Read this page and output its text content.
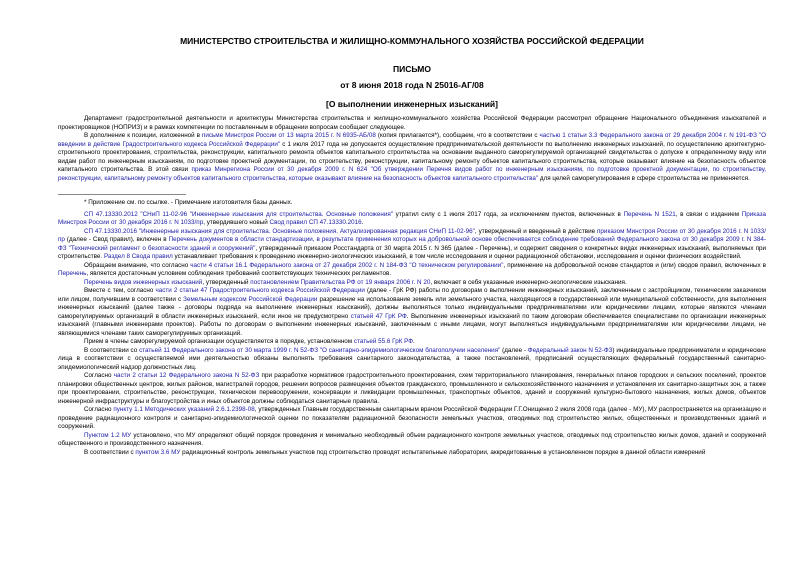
МИНИСТЕРСТВО СТРОИТЕЛЬСТВА И ЖИЛИЩНО-КОММУНАЛЬНОГО ХОЗЯЙСТВА РОССИЙСКОЙ ФЕДЕРАЦИИ
ПИСЬМО
от 8 июня 2018 года N 25016-АГ/08
[О выполнении инженерных изысканий]

Департамент градостроительной деятельности и архитектуры Министерства строительства и жилищно-коммунального хозяйства Российской Федерации рассмотрел обращение Национального объединения изыскателей и проектировщиков (НОПРИЗ) и в рамках компетенции по поставленным в обращении вопросам сообщает следующее.

В дополнение к позиции, изложенной в письме Минстроя России от 13 марта 2015 г. N 6935-АБ/08 (копия прилагается*), сообщаем, что в соответствии с частью 1 статьи 3.3 Федерального закона от 29 декабря 2004 г. N 191-ФЗ "О введении в действие Градостроительного кодекса Российской Федерации" с 1 июля 2017 года не допускается осуществление предпринимательской деятельности по выполнению инженерных изысканий, по осуществлению архитектурно-строительного проектирования, строительства, реконструкции, капитального ремонта объектов капитального строительства на основании выданного саморегулируемой организацией свидетельства о допуске к определенному виду или видам работ по инженерным изысканиям, по подготовке проектной документации, по строительству, реконструкции, капитальному ремонту объектов капитального строительства, которые оказывают влияние на безопасность объектов капитального строительства. В этой связи приказ Минрегиона России от 30 декабря 2009 г. N 624 "Об утверждении Перечня видов работ по инженерным изысканиям, по подготовке проектной документации, по строительству, реконструкции, капитальному ремонту объектов капитального строительства, которые оказывают влияние на безопасность объектов капитального строительства" для целей саморегулирования в сфере строительства не применяется.

* Приложение см. по ссылке. - Примечание изготовителя базы данных.

СП 47.13330.2012 "СНиП 11-02-96 "Инженерные изыскания для строительства. Основные положения" утратил силу с 1 июля 2017 года, за исключением пунктов, включенных в Перечень N 1521, в связи с изданием Приказа Минстроя России от 30 декабря 2016 г. N 1033/пр, утвердившего новый Свод правил СП 47.13330.2016.

СП 47.13330.2016 "Инженерные изыскания для строительства. Основные положения. Актуализированная редакция СНиП 11-02-96", утвержденный и введенный в действие приказом Минстроя России от 30 декабря 2016 г. N 1033/пр (далее - Свод правил), включен в Перечень документов в области стандартизации, в результате применения которых на добровольной основе обеспечивается соблюдение требований Федерального закона от 30 декабря 2009 г. N 384-ФЗ "Технический регламент о безопасности зданий и сооружений", утвержденный приказом Росстандарта от 30 марта 2015 г. N 365 (далее - Перечень), и содержит сведения о конкретных видах инженерных изысканий, выполняемых при строительстве. Раздел 8 Свода правил устанавливает требования к проведению инженерно-экологических изысканий, в том числе исследования и оценки радиационной обстановки, исследования и оценки физических воздействий.

Обращаем внимание, что согласно части 4 статьи 16.1 Федерального закона от 27 декабря 2002 г. N 184-ФЗ "О техническом регулировании", применение на добровольной основе стандартов и (или) сводов правил, включенных в Перечень, является достаточным условием соблюдения требований соответствующих технических регламентов.

Перечень видов инженерных изысканий, утвержденный постановлением Правительства РФ от 19 января 2006 г. N 20, включает в себя указанные инженерно-экологические изыскания.

Вместе с тем, согласно части 2 статьи 47 Градостроительного кодекса Российской Федерации (далее - ГрК РФ) работы по договорам о выполнении инженерных изысканий, заключенным с застройщиком, техническим заказчиком или лицом, получившим в соответствии с Земельным кодексом Российской Федерации разрешение на использование земель или земельного участка, находящегося в государственной или муниципальной собственности, для выполнения инженерных изысканий (далее также - договоры подряда на выполнение инженерных изысканий), должны выполняться только индивидуальными предпринимателями или юридическими лицами, которые являются членами саморегулируемых организаций в области инженерных изысканий, если иное не предусмотрено статьей 47 ГрК РФ. Выполнение инженерных изысканий по таким договорам обеспечивается специалистами по организации инженерных изысканий (главными инженерами проектов). Работы по договорам о выполнении инженерных изысканий, заключенным с иными лицами, могут выполняться индивидуальными предпринимателями или юридическими лицами, не являющимися членами таких саморегулируемых организаций.

Прием в члены саморегулируемой организации осуществляется в порядке, установленном статьей 55.6 ГрК РФ.

В соответствии со статьей 11 Федерального закона от 30 марта 1999 г. N 52-ФЗ "О санитарно-эпидемиологическом благополучии населения" (далее - Федеральный закон N 52-ФЗ) индивидуальные предприниматели и юридические лица в соответствии с осуществляемой ими деятельностью обязаны выполнять требования санитарного законодательства, а также постановлений, предписаний осуществляющих федеральный государственный санитарно-эпидемиологический надзор должностных лиц.

Согласно части 2 статьи 12 Федерального закона N 52-ФЗ при разработке нормативов градостроительного проектирования, схем территориального планирования, генеральных планов городских и сельских поселений, проектов планировки общественных центров, жилых районов, магистралей городов, решении вопросов размещения объектов гражданского, промышленного и сельскохозяйственного назначения и установления их санитарно-защитных зон, а также при проектировании, строительстве, реконструкции, техническом перевооружении, консервации и ликвидации промышленных, транспортных объектов, зданий и сооружений культурно-бытового назначения, жилых домов, объектов инженерной инфраструктуры и благоустройства и иных объектов должны соблюдаться санитарные правила.

Согласно пункту 1.1 Методических указаний 2.6.1.2398-08, утвержденных Главным государственным санитарным врачом Российской Федерации Г.Г.Онищенко 2 июля 2008 года (далее - МУ), МУ распространяется на организацию и проведение радиационного контроля и санитарно-эпидемиологической оценки по показателям радиационной безопасности земельных участков, отводимых под строительство жилых, общественных и производственных зданий и сооружений.

Пунктом 1.2 МУ установлено, что МУ определяют общий порядок проведения и минимально необходимый объем радиационного контроля земельных участков, отводимых под строительство жилых домов, зданий и сооружений общественного и производственного назначения.

В соответствии с пунктом 3.6 МУ радиационный контроль земельных участков под строительство проводят испытательные лаборатории, аккредитованные в установленном порядке в данной области измерений
